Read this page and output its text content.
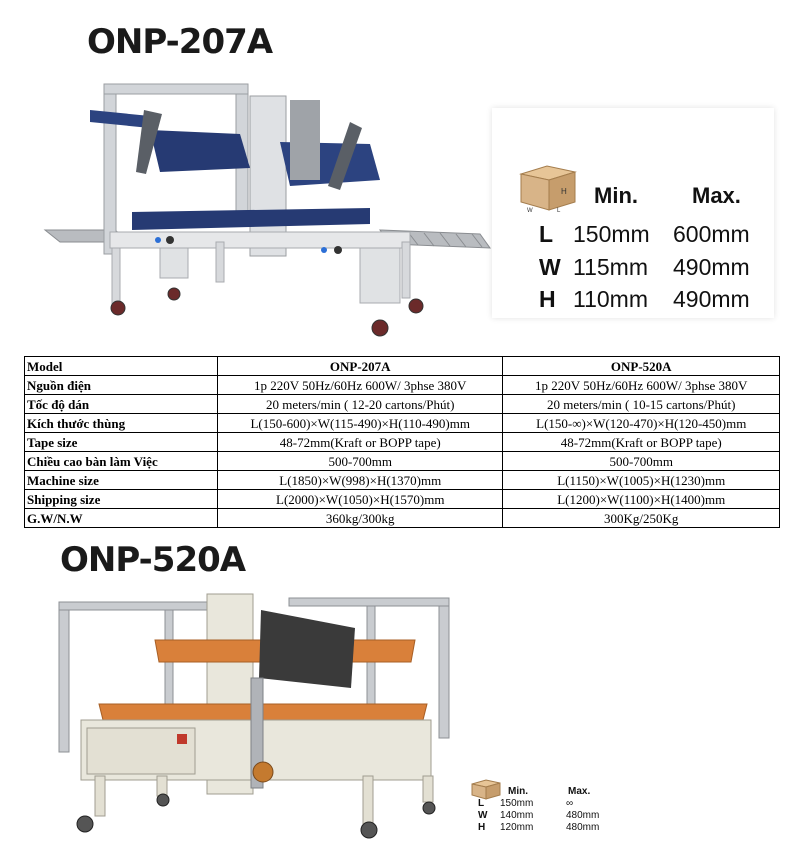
ONP-207A
ONP-520A
H
W	L
Min. Max.
L 150mm 600mm
W 115mm 490mm
H 110mm 490mm
Model	ONP-207A	ONP-520A
Nguồn điện	1p 220V 50Hz/60Hz 600W/ 3phse 380V	1p 220V 50Hz/60Hz 600W/ 3phse 380V
Tốc độ dán	20 meters/min ( 12-20 cartons/Phút)	20 meters/min ( 10-15 cartons/Phút)
Kích thước thùng	L(150-600)×W(115-490)×H(110-490)mm	L(150-∞)×W(120-470)×H(120-450)mm
Tape size	48-72mm(Kraft or BOPP tape)	48-72mm(Kraft or BOPP tape)
Chiều cao bàn làm Việc	500-700mm	500-700mm
Machine size	L(1850)×W(998)×H(1370)mm	L(1150)×W(1005)×H(1230)mm
Shipping size	L(2000)×W(1050)×H(1570)mm	L(1200)×W(1100)×H(1400)mm
G.W/N.W	360kg/300kg	300Kg/250Kg
Min.	Max.
L 150mm	∞
W 140mm	480mm
H 120mm	480mm
